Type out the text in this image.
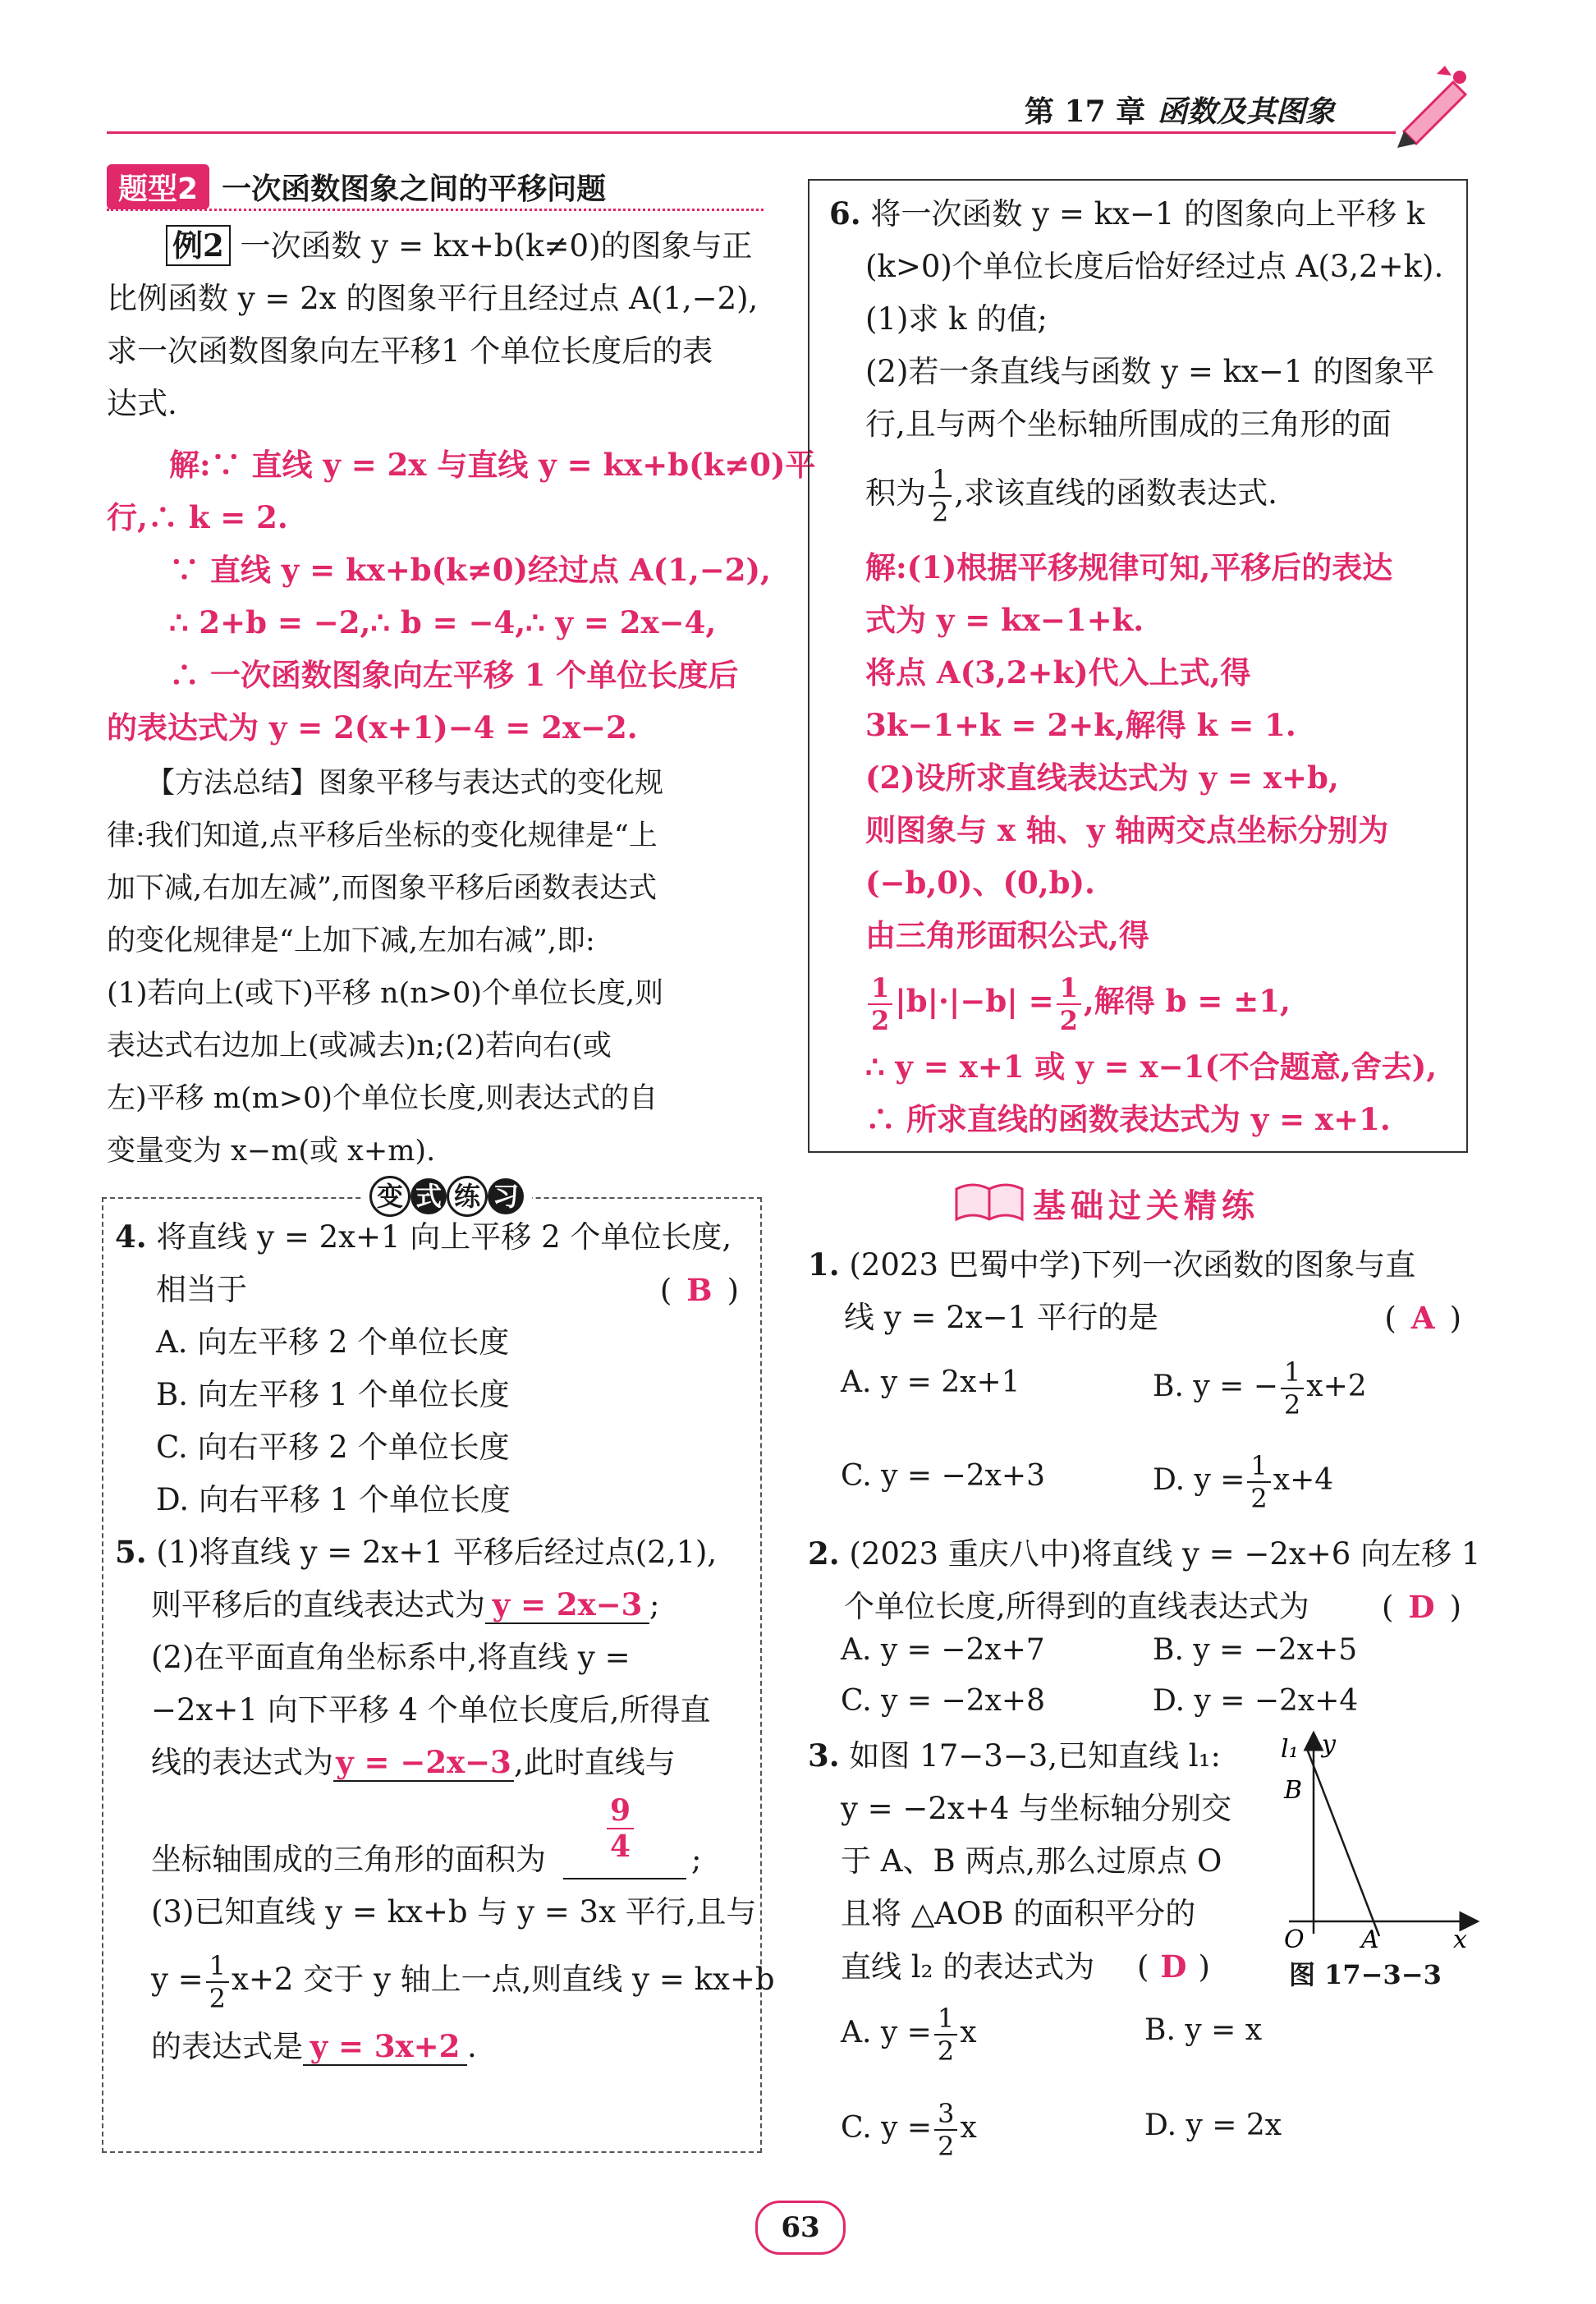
第 17 章 函数及其图象
题型2 一次函数图象之间的平移问题
例2 一次函数 y = kx+b(k≠0)的图象与正
比例函数 y = 2x 的图象平行且经过点 A(1,−2),
求一次函数图象向左平移1 个单位长度后的表
达式.
解:∵ 直线 y = 2x 与直线 y = kx+b(k≠0)平
行,∴ k = 2.
∵ 直线 y = kx+b(k≠0)经过点 A(1,−2),
∴ 2+b = −2,∴ b = −4,∴ y = 2x−4,
∴ 一次函数图象向左平移 1 个单位长度后
的表达式为 y = 2(x+1)−4 = 2x−2.
【方法总结】图象平移与表达式的变化规
律:我们知道,点平移后坐标的变化规律是“上
加下减,右加左减”,而图象平移后函数表达式
的变化规律是“上加下减,左加右减”,即:
(1)若向上(或下)平移 n(n>0)个单位长度,则
表达式右边加上(或减去)n;(2)若向右(或
左)平移 m(m>0)个单位长度,则表达式的自
变量变为 x−m(或 x+m).
变 式 练 习
4. 将直线 y = 2x+1 向上平移 2 个单位长度,
相当于	( B )
A. 向左平移 2 个单位长度
B. 向左平移 1 个单位长度
C. 向右平移 2 个单位长度
D. 向右平移 1 个单位长度
5. (1)将直线 y = 2x+1 平移后经过点(2,1),
则平移后的直线表达式为 y = 2x−3 ;
(2)在平面直角坐标系中,将直线 y =
−2x+1 向下平移 4 个单位长度后,所得直
线的表达式为y = −2x−3,此时直线与
坐标轴围成的三角形的面积为 $\frac{9}{4}$ ;
(3)已知直线 y = kx+b 与 y = 3x 平行,且与
$y = \frac{1}{2} x+2$ 交于 y 轴上一点,则直线 y = kx+b
的表达式是 y = 3x+2 .
6. 将一次函数 y = kx−1 的图象向上平移 k
(k>0)个单位长度后恰好经过点 A(3,2+k).
(1)求 k 的值;
(2)若一条直线与函数 y = kx−1 的图象平
行,且与两个坐标轴所围成的三角形的面
积为 $\frac{1}{2}$ ,求该直线的函数表达式.
解:(1)根据平移规律可知,平移后的表达
式为 y = kx−1+k.
将点 A(3,2+k)代入上式,得
3k−1+k = 2+k,解得 k = 1.
(2)设所求直线表达式为 y = x+b,
则图象与 x 轴、y 轴两交点坐标分别为
(−b,0)、(0,b).
由三角形面积公式,得
$\frac{1}{2} |b|\cdot|-b| = \frac{1}{2}$ ,解得 b = ±1,
∴ y = x+1 或 y = x−1(不合题意,舍去),
∴ 所求直线的函数表达式为 y = x+1.
基础过关精练
1. (2023 巴蜀中学)下列一次函数的图象与直
线 y = 2x−1 平行的是	( A )
A. y = 2x+1	B. y = − $\frac{1}{2} x+2$
C. y = −2x+3	D. $y = \frac{1}{2} x+4$
2. (2023 重庆八中)将直线 y = −2x+6 向左移 1
个单位长度,所得到的直线表达式为 ( D )
A. y = −2x+7	B. y = −2x+5
C. y = −2x+8	D. y = −2x+4
3. 如图 17−3−3,已知直线 l₁:
y = −2x+4 与坐标轴分别交
于 A、B 两点,那么过原点 O
且将 △AOB 的面积平分的
直线 l₂ 的表达式为 ( D )
A. $y = \frac{1}{2}$ x	B. y = x
C. $y = \frac{3}{2}$ x	D. y = 2x
l₁ y
B
O A	x
图 17−3−3
63
